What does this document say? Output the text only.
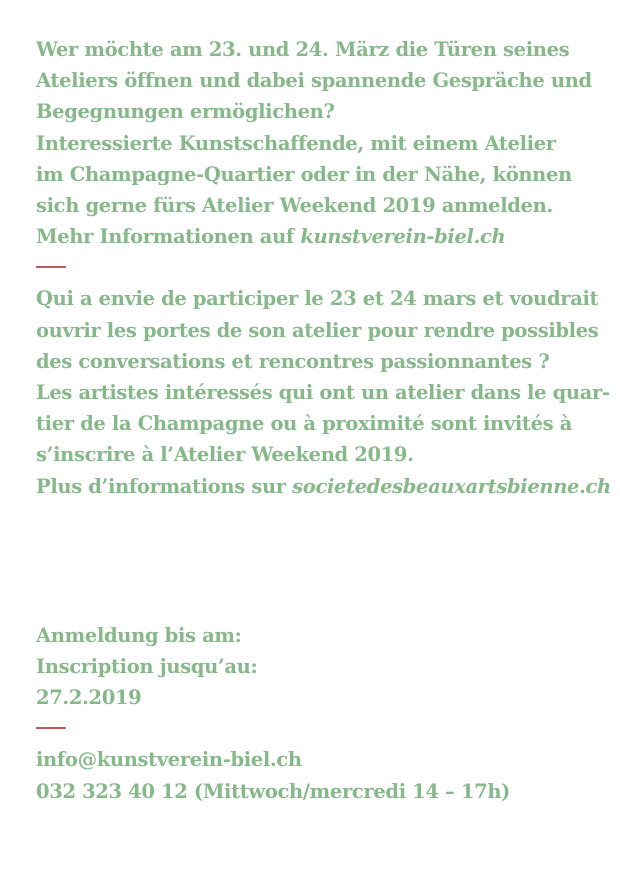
Wer möchte am 23. und 24. März die Türen seines
Ateliers öffnen und dabei spannende Gespräche und
Begegnungen ermöglichen?
Interessierte Kunstschaffende, mit einem Atelier
im Champagne-Quartier oder in der Nähe, können
sich gerne fürs Atelier Weekend 2019 anmelden.
Mehr Informationen auf kunstverein-biel.ch
Qui a envie de participer le 23 et 24 mars et voudrait
ouvrir les portes de son atelier pour rendre possibles
des conversations et rencontres passionnantes ?
Les artistes intéressés qui ont un atelier dans le quar-
tier de la Champagne ou à proximité sont invités à
s’inscrire à l’Atelier Weekend 2019.
Plus d’informations sur societedesbeauxartsbienne.ch
Anmeldung bis am:
Inscription jusqu’au:
27.2.2019
info@kunstverein-biel.ch
032 323 40 12 (Mittwoch/mercredi 14 – 17h)
